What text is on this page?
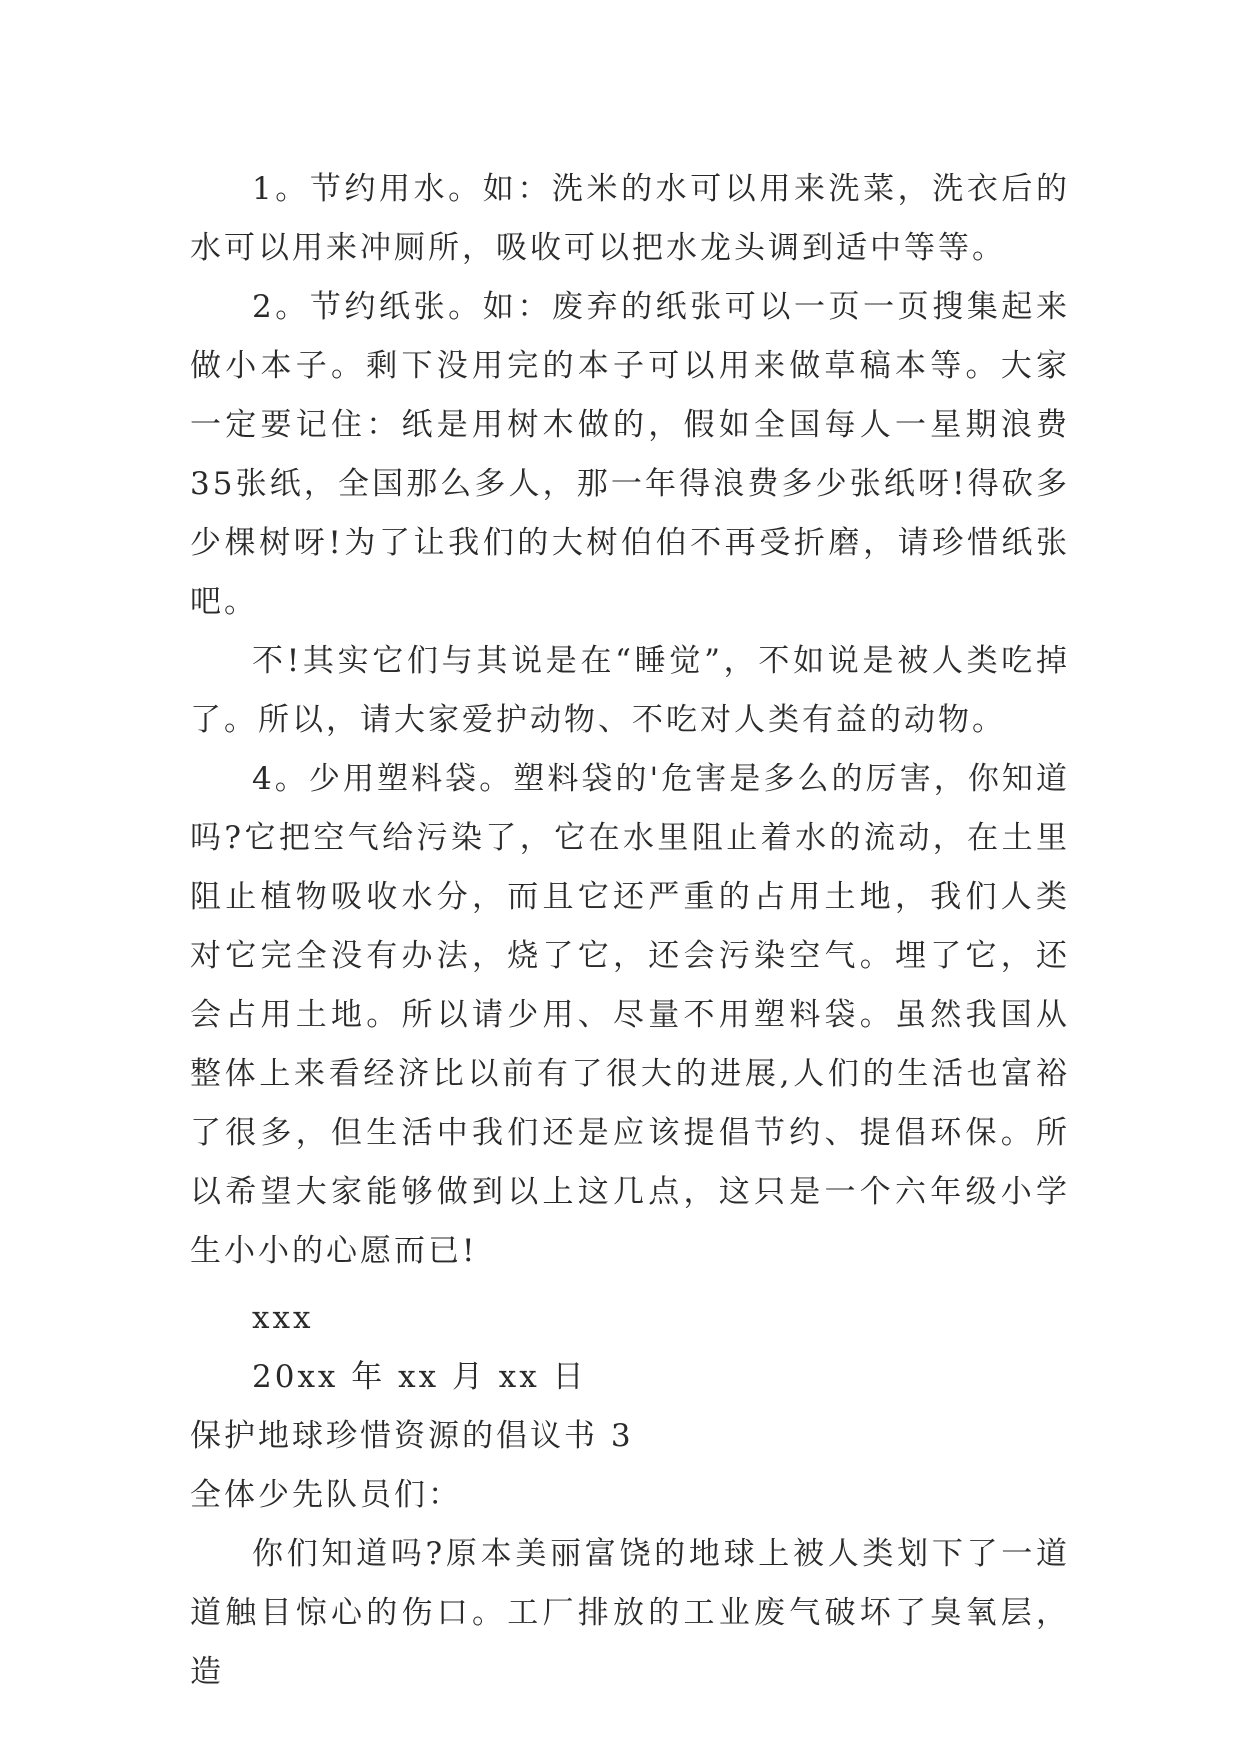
1。节约用水。如：洗米的水可以用来洗菜，洗衣后的水可以用来冲厕所，吸收可以把水龙头调到适中等等。

2。节约纸张。如：废弃的纸张可以一页一页搜集起来做小本子。剩下没用完的本子可以用来做草稿本等。大家一定要记住：纸是用树木做的，假如全国每人一星期浪费35张纸，全国那么多人，那一年得浪费多少张纸呀!得砍多少棵树呀!为了让我们的大树伯伯不再受折磨，请珍惜纸张吧。

不!其实它们与其说是在“睡觉”，不如说是被人类吃掉了。所以，请大家爱护动物、不吃对人类有益的动物。

4。少用塑料袋。塑料袋的'危害是多么的厉害，你知道吗?它把空气给污染了，它在水里阻止着水的流动，在土里阻止植物吸收水分，而且它还严重的占用土地，我们人类对它完全没有办法，烧了它，还会污染空气。埋了它，还会占用土地。所以请少用、尽量不用塑料袋。虽然我国从整体上来看经济比以前有了很大的进展,人们的生活也富裕了很多，但生活中我们还是应该提倡节约、提倡环保。所以希望大家能够做到以上这几点，这只是一个六年级小学生小小的心愿而已!

xxx

20xx 年 xx 月 xx 日

保护地球珍惜资源的倡议书 3

全体少先队员们：

你们知道吗?原本美丽富饶的地球上被人类划下了一道道触目惊心的伤口。工厂排放的工业废气破坏了臭氧层，造
